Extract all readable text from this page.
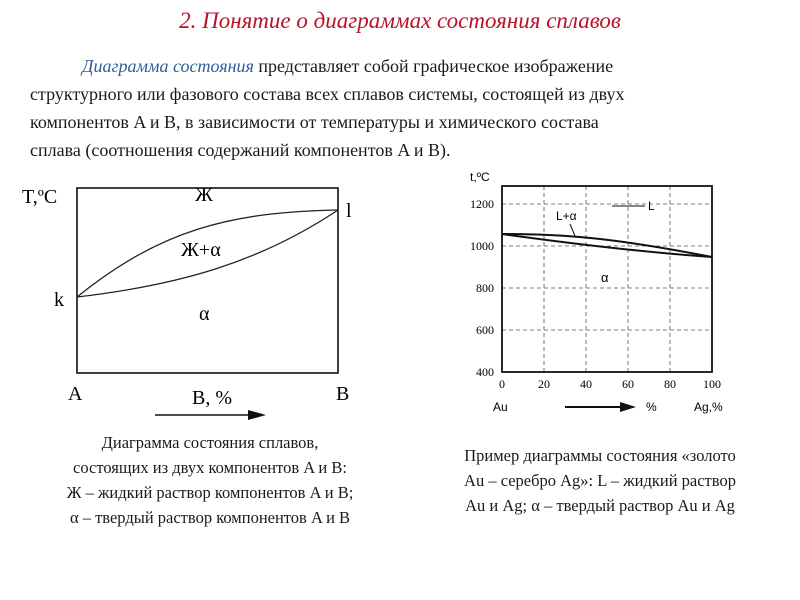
2. Понятие о диаграммах состояния сплавов
Диаграмма состояния представляет собой графическое изображение
структурного или фазового состава всех сплавов системы, состоящей из двух
компонентов A и B, в зависимости от температуры и химического состава
сплава (соотношения содержаний компонентов A и B).
T,ºC
k
l
Ж
Ж+α
α
A	B
B, %
Диаграмма состояния сплавов,
состоящих из двух компонентов A и B:
Ж – жидкий раствор компонентов A и B;
α – твердый раствор компонентов A и B
t,ºC
1200
1000
800
600
400
0	20	40	60	80 100
Au	%	Ag,%
L
L+α
α
Пример диаграммы состояния «золото
Au – серебро Ag»: L – жидкий раствор
Au и Ag; α – твердый раствор Au и Ag
